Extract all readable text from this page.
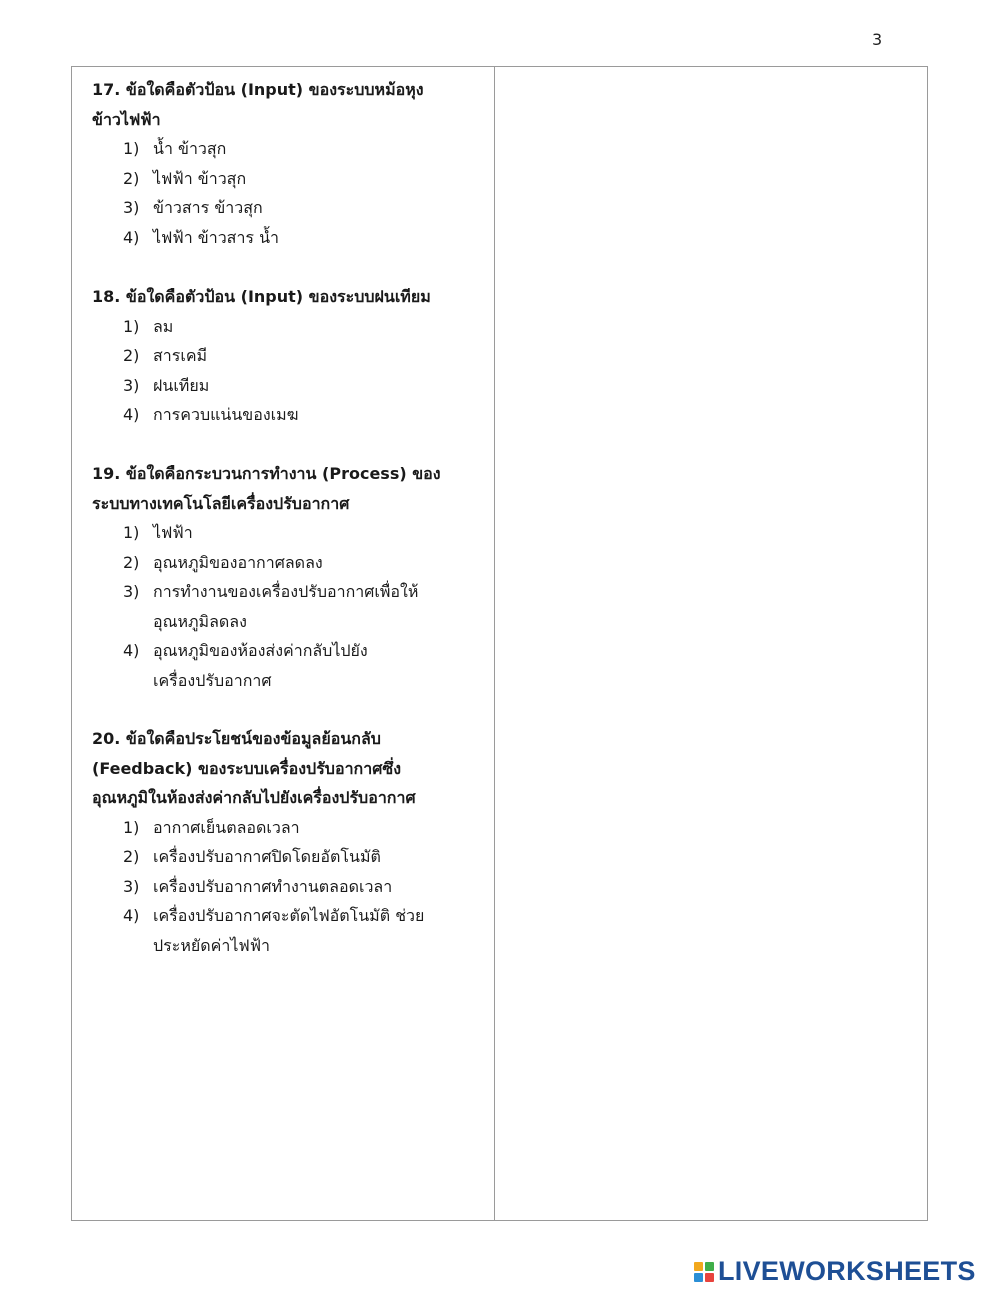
3

17. ข้อใดคือตัวป้อน (Input) ของระบบหม้อหุง
ข้าวไฟฟ้า

1) น้ำ ข้าวสุก
2) ไฟฟ้า ข้าวสุก
3) ข้าวสาร ข้าวสุก
4) ไฟฟ้า ข้าวสาร น้ำ

18. ข้อใดคือตัวป้อน (Input) ของระบบฝนเทียม

1) ลม
2) สารเคมี
3) ฝนเทียม
4) การควบแน่นของเมฆ

19. ข้อใดคือกระบวนการทำงาน (Process) ของ
ระบบทางเทคโนโลยีเครื่องปรับอากาศ

1) ไฟฟ้า
2) อุณหภูมิของอากาศลดลง
3) การทำงานของเครื่องปรับอากาศเพื่อให้
อุณหภูมิลดลง
4) อุณหภูมิของห้องส่งค่ากลับไปยัง
เครื่องปรับอากาศ

20. ข้อใดคือประโยชน์ของข้อมูลย้อนกลับ
(Feedback) ของระบบเครื่องปรับอากาศซึ่ง
อุณหภูมิในห้องส่งค่ากลับไปยังเครื่องปรับอากาศ

1) อากาศเย็นตลอดเวลา
2) เครื่องปรับอากาศปิดโดยอัตโนมัติ
3) เครื่องปรับอากาศทำงานตลอดเวลา
4) เครื่องปรับอากาศจะตัดไฟอัตโนมัติ ช่วย
ประหยัดค่าไฟฟ้า
LIVEWORKSHEETS
